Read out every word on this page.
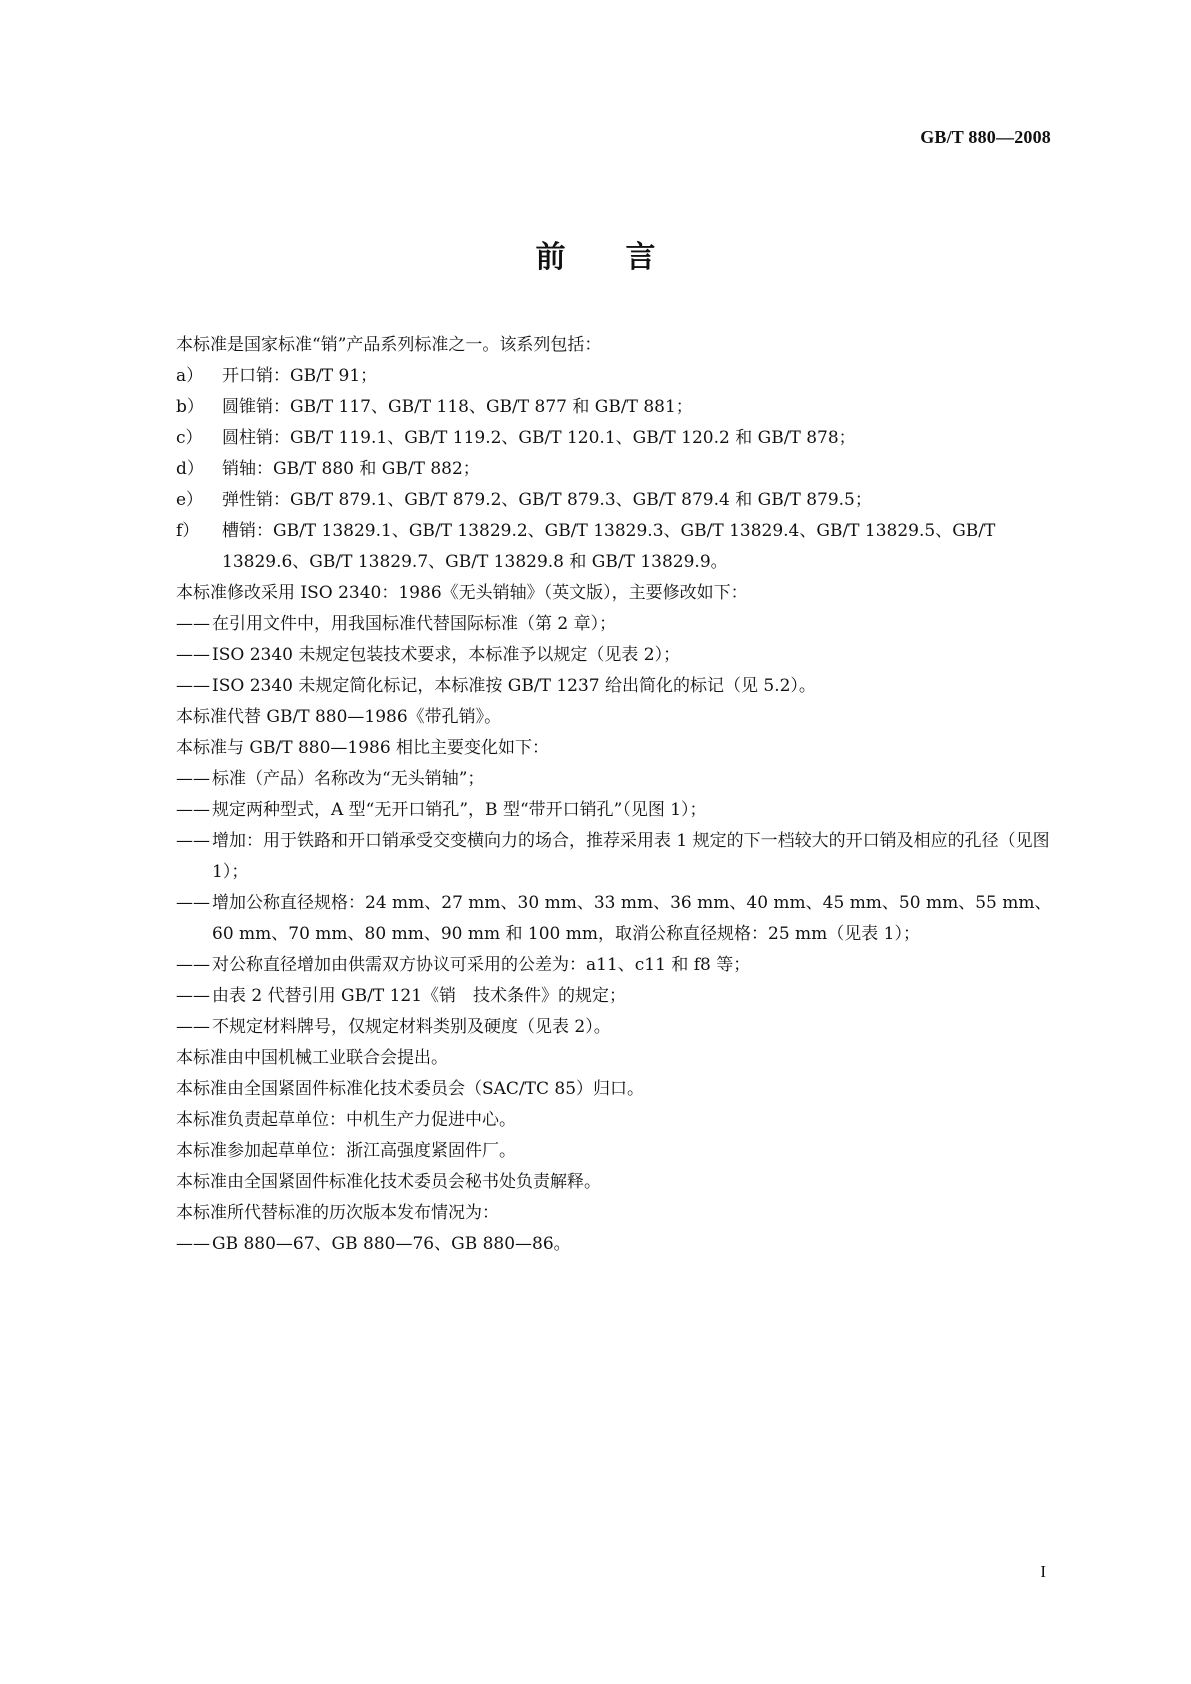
GB/T 880—2008
前言

本标准是国家标准“销”产品系列标准之一。该系列包括：

a） 开口销：GB/T 91；
b） 圆锥销：GB/T 117、GB/T 118、GB/T 877 和 GB/T 881；
c） 圆柱销：GB/T 119.1、GB/T 119.2、GB/T 120.1、GB/T 120.2 和 GB/T 878；
d） 销轴：GB/T 880 和 GB/T 882；
e） 弹性销：GB/T 879.1、GB/T 879.2、GB/T 879.3、GB/T 879.4 和 GB/T 879.5；
f） 槽销：GB/T 13829.1、GB/T 13829.2、GB/T 13829.3、GB/T 13829.4、GB/T 13829.5、GB/T 13829.6、GB/T 13829.7、GB/T 13829.8 和 GB/T 13829.9。

本标准修改采用 ISO 2340：1986《无头销轴》（英文版），主要修改如下：

—— 在引用文件中，用我国标准代替国际标准（第 2 章）；
—— ISO 2340 未规定包装技术要求，本标准予以规定（见表 2）；
—— ISO 2340 未规定简化标记，本标准按 GB/T 1237 给出简化的标记（见 5.2）。

本标准代替 GB/T 880—1986《带孔销》。

本标准与 GB/T 880—1986 相比主要变化如下：

—— 标准（产品）名称改为“无头销轴”；
—— 规定两种型式，A 型“无开口销孔”，B 型“带开口销孔”（见图 1）；
—— 增加：用于铁路和开口销承受交变横向力的场合，推荐采用表 1 规定的下一档较大的开口销及相应的孔径（见图 1）；
—— 增加公称直径规格：24 mm、27 mm、30 mm、33 mm、36 mm、40 mm、45 mm、50 mm、55 mm、60 mm、70 mm、80 mm、90 mm 和 100 mm，取消公称直径规格：25 mm（见表 1）；
—— 对公称直径增加由供需双方协议可采用的公差为：a11、c11 和 f8 等；
—— 由表 2 代替引用 GB/T 121《销　技术条件》的规定；
—— 不规定材料牌号，仅规定材料类别及硬度（见表 2）。

本标准由中国机械工业联合会提出。

本标准由全国紧固件标准化技术委员会（SAC/TC 85）归口。

本标准负责起草单位：中机生产力促进中心。

本标准参加起草单位：浙江高强度紧固件厂。

本标准由全国紧固件标准化技术委员会秘书处负责解释。

本标准所代替标准的历次版本发布情况为：

—— GB 880—67、GB 880—76、GB 880—86。
I
